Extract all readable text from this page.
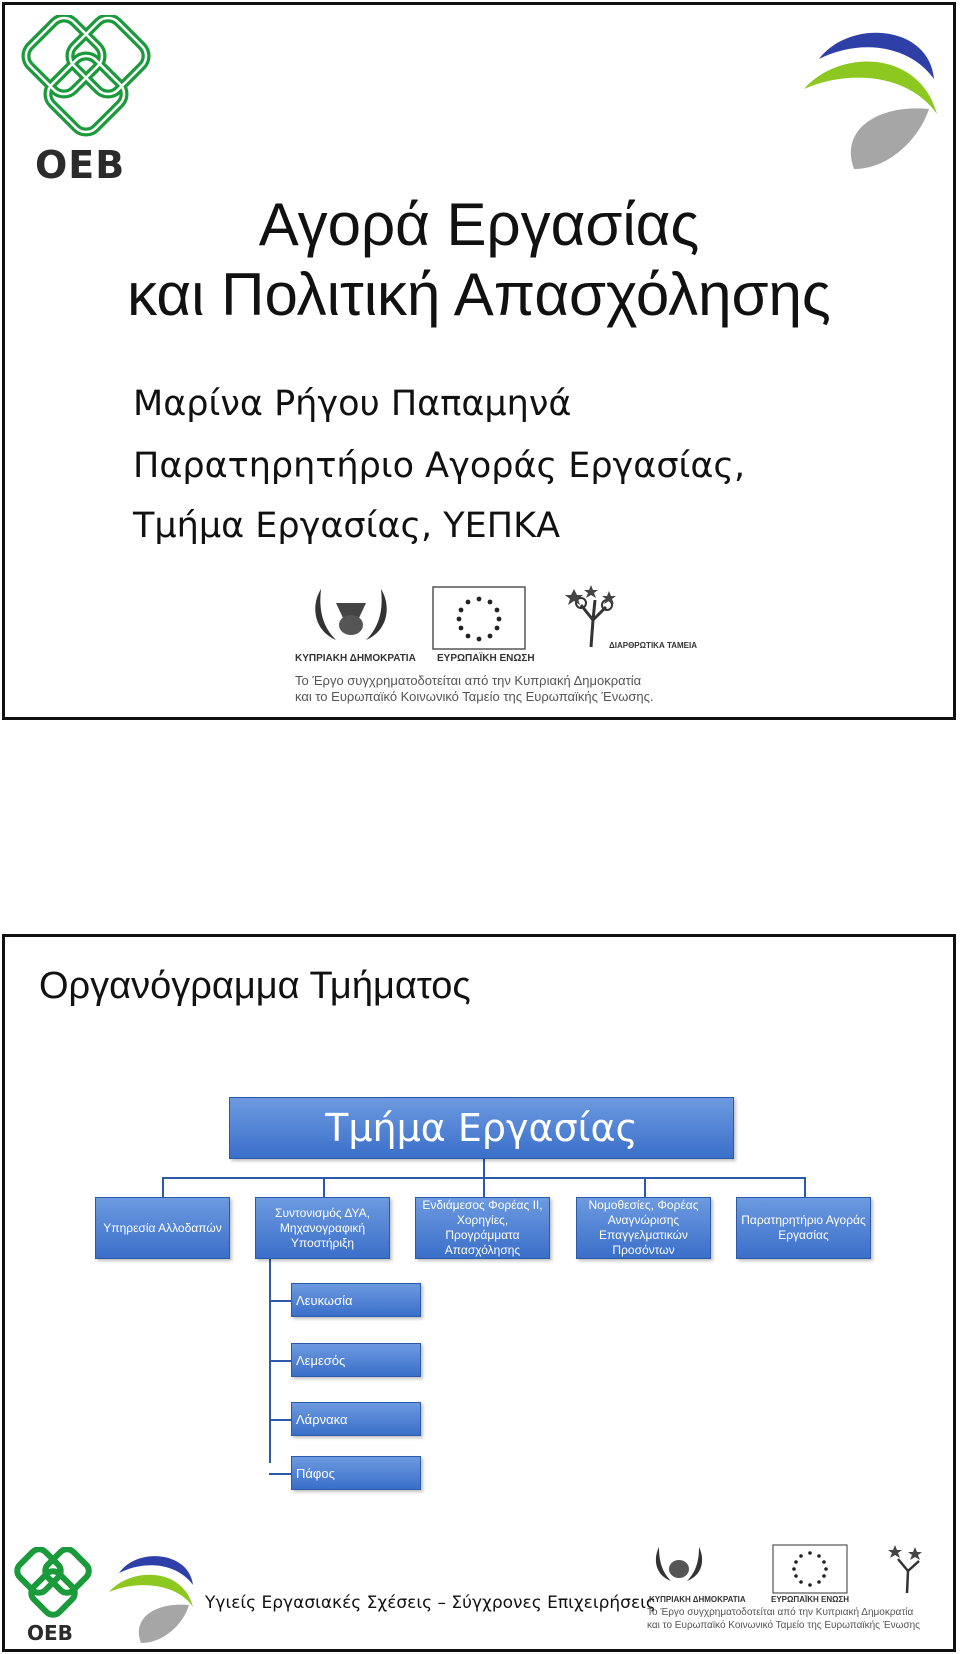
OEB
Αγορά Εργασίας
και Πολιτική Απασχόλησης
Μαρίνα Ρήγου Παπαμηνά
Παρατηρητήριο Αγοράς Εργασίας,
Τμήμα Εργασίας, ΥΕΠΚΑ
ΚΥΠΡΙΑΚΗ ΔΗΜΟΚΡΑΤΙΑ ΕΥΡΩΠΑΪΚΗ ΕΝΩΣΗ
ΔΙΑΡΘΡΩΤΙΚΑ ΤΑΜΕΙΑ
Το Έργο συγχρηματοδοτείται από την Κυπριακή Δημοκρατία
και το Ευρωπαϊκό Κοινωνικό Ταμείο της Ευρωπαϊκής Ένωσης.
Οργανόγραμμα Τμήματος
Τμήμα Εργασίας
Υπηρεσία Αλλοδαπών
Συντονισμός ΔΥΑ, Μηχανογραφική Υποστήριξη
Ενδιάμεσος Φορέας ΙΙ, Χορηγίες, Προγράμματα Απασχόλησης
Νομοθεσίες, Φορέας Αναγνώρισης Επαγγελματικών Προσόντων
Παρατηρητήριο Αγοράς Εργασίας
Λευκωσία
Λεμεσός
Λάρνακα
Πάφος
OEB
Υγιείς Εργασιακές Σχέσεις – Σύγχρονες Επιχειρήσεις
ΚΥΠΡΙΑΚΗ ΔΗΜΟΚΡΑΤΙΑ	ΕΥΡΩΠΑΪΚΗ ΕΝΩΣΗ
Το Έργο συγχρηματοδοτείται από την Κυπριακή Δημοκρατία
και το Ευρωπαϊκό Κοινωνικό Ταμείο της Ευρωπαϊκής Ένωσης
